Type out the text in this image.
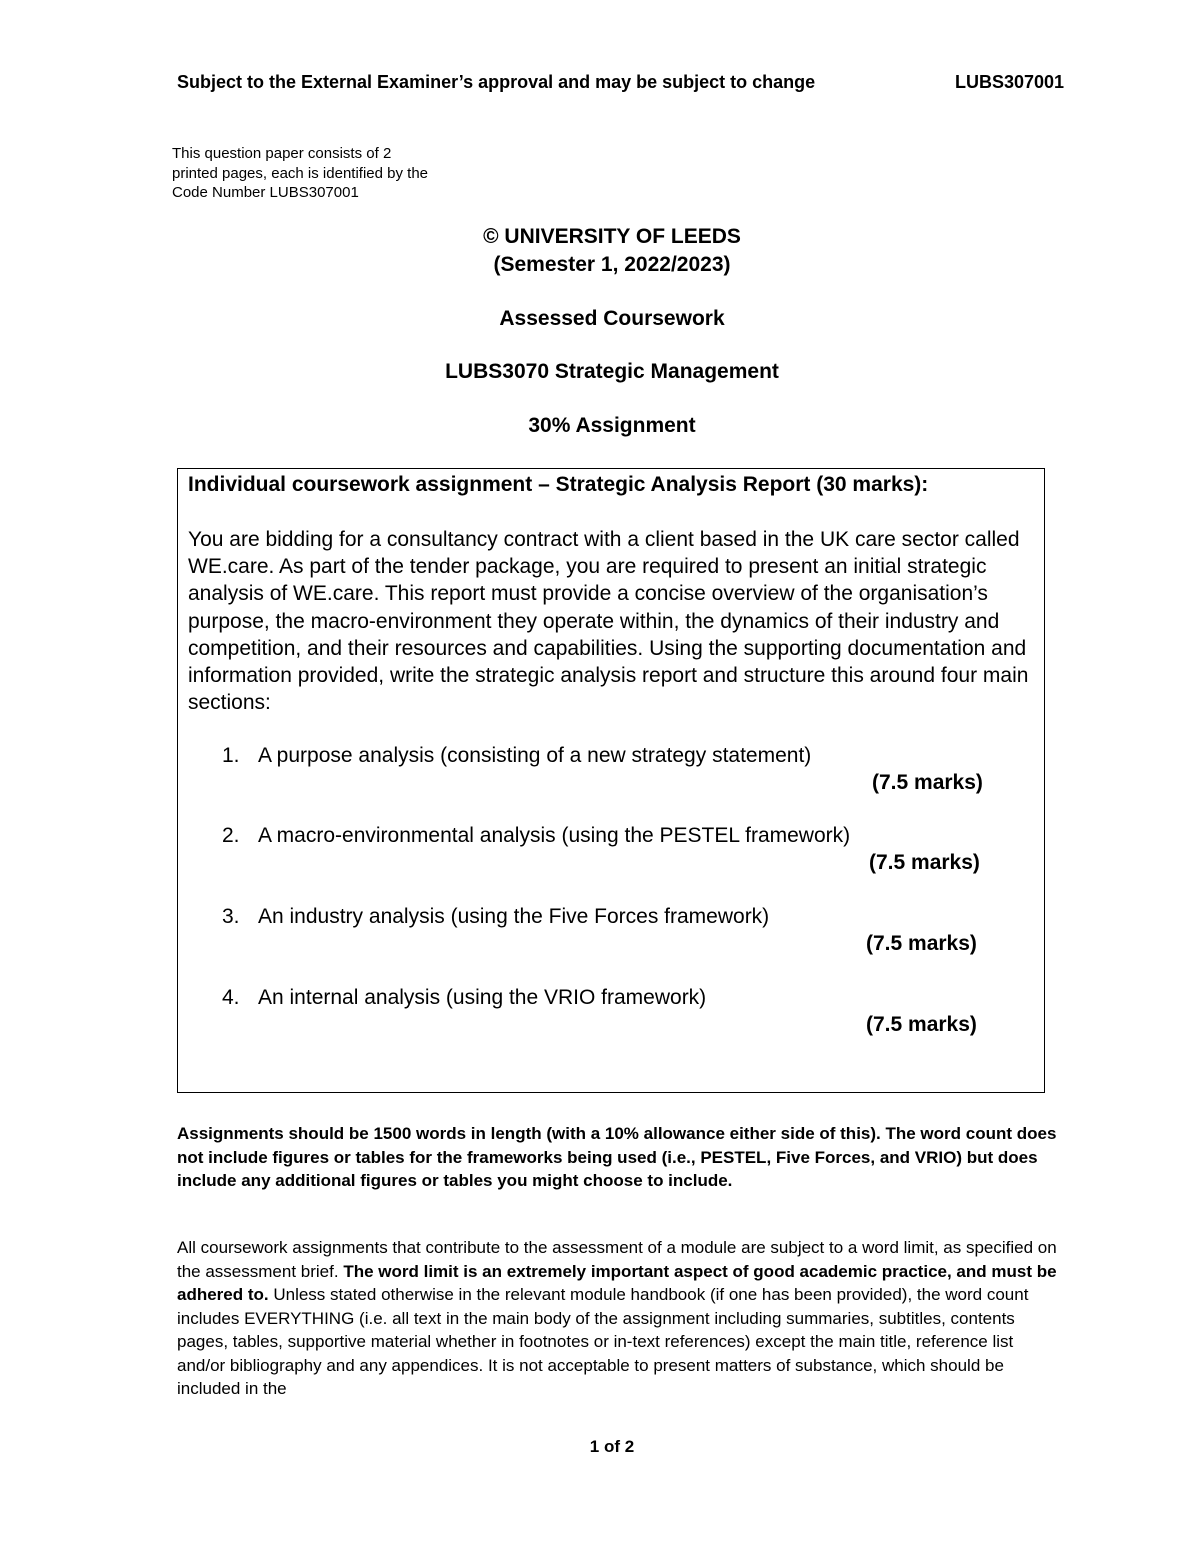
Subject to the External Examiner’s approval and may be subject to change	LUBS307001
This question paper consists of 2 printed pages, each is identified by the Code Number LUBS307001
© UNIVERSITY OF LEEDS
(Semester 1, 2022/2023)
Assessed Coursework
LUBS3070 Strategic Management
30% Assignment
Individual coursework assignment – Strategic Analysis Report (30 marks):
You are bidding for a consultancy contract with a client based in the UK care sector called WE.care. As part of the tender package, you are required to present an initial strategic analysis of WE.care. This report must provide a concise overview of the organisation’s purpose, the macro-environment they operate within, the dynamics of their industry and competition, and their resources and capabilities. Using the supporting documentation and information provided, write the strategic analysis report and structure this around four main sections:
1. A purpose analysis (consisting of a new strategy statement)
(7.5 marks)
2. A macro-environmental analysis (using the PESTEL framework)
(7.5 marks)
3. An industry analysis (using the Five Forces framework)
(7.5 marks)
4. An internal analysis (using the VRIO framework)
(7.5 marks)
Assignments should be 1500 words in length (with a 10% allowance either side of this). The word count does not include figures or tables for the frameworks being used (i.e., PESTEL, Five Forces, and VRIO) but does include any additional figures or tables you might choose to include.
All coursework assignments that contribute to the assessment of a module are subject to a word limit, as specified on the assessment brief. The word limit is an extremely important aspect of good academic practice, and must be adhered to. Unless stated otherwise in the relevant module handbook (if one has been provided), the word count includes EVERYTHING (i.e. all text in the main body of the assignment including summaries, subtitles, contents pages, tables, supportive material whether in footnotes or in-text references) except the main title, reference list and/or bibliography and any appendices. It is not acceptable to present matters of substance, which should be included in the
1 of 2
